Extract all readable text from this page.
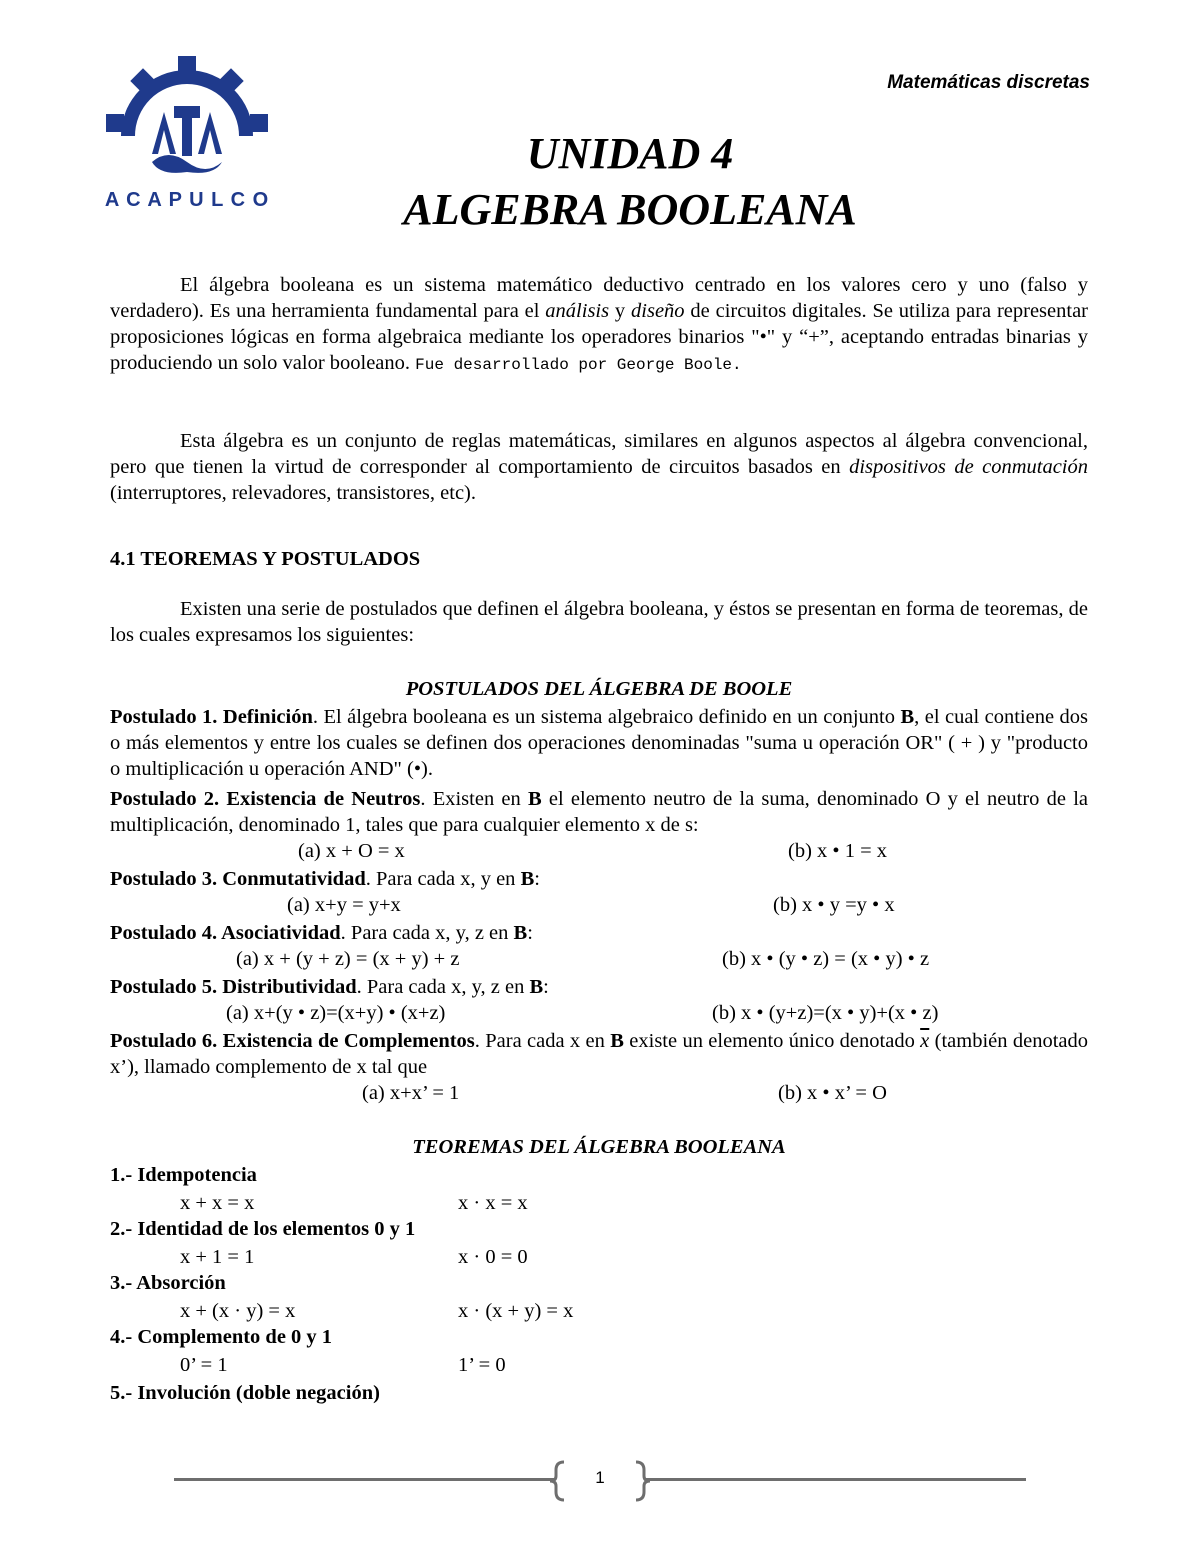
A C A P U L C O
Matemáticas discretas
UNIDAD 4
ALGEBRA BOOLEANA
El álgebra booleana es un sistema matemático deductivo centrado en los valores cero y uno (falso y verdadero). Es una herramienta fundamental para el análisis y diseño de circuitos digitales. Se utiliza para representar proposiciones lógicas en forma algebraica mediante los operadores binarios "•" y “+”, aceptando entradas binarias y produciendo un solo valor booleano. Fue desarrollado por George Boole.
Esta álgebra es un conjunto de reglas matemáticas, similares en algunos aspectos al álgebra convencional, pero que tienen la virtud de corresponder al comportamiento de circuitos basados en dispositivos de conmutación (interruptores, relevadores, transistores, etc).
4.1 TEOREMAS Y POSTULADOS
Existen una serie de postulados que definen el álgebra booleana, y éstos se presentan en forma de teoremas, de los cuales expresamos los siguientes:
POSTULADOS DEL ÁLGEBRA DE BOOLE
Postulado 1. Definición. El álgebra booleana es un sistema algebraico definido en un conjunto B, el cual contiene dos o más elementos y entre los cuales se definen dos operaciones denominadas "suma u operación OR" ( + ) y "producto o multiplicación u operación AND" (•).
Postulado 2. Existencia de Neutros. Existen en B el elemento neutro de la suma, denominado O y el neutro de la multiplicación, denominado 1, tales que para cualquier elemento x de s:
(a) x + O = x	(b) x • 1 = x
Postulado 3. Conmutatividad. Para cada x, y en B:
(a) x+y = y+x	(b) x • y =y • x
Postulado 4. Asociatividad. Para cada x, y, z en B:
(a) x + (y + z) = (x + y) + z	(b) x • (y • z) = (x • y) • z
Postulado 5. Distributividad. Para cada x, y, z en B:
(a) x+(y • z)=(x+y) • (x+z)	(b) x • (y+z)=(x • y)+(x • z)
Postulado 6. Existencia de Complementos. Para cada x en B existe un elemento único denotado $\overline{x}$ (también denotado x’), llamado complemento de x tal que
(a) x+x’ = 1	(b) x • x’ = O
TEOREMAS DEL ÁLGEBRA BOOLEANA
1.- Idempotencia
x + x = x	x · x = x
2.- Identidad de los elementos 0 y 1
x + 1 = 1	x · 0 = 0
3.- Absorción
x + (x · y) = x	x · (x + y) = x
4.- Complemento de 0 y 1
0’ = 1	1’ = 0
5.- Involución (doble negación)
1
